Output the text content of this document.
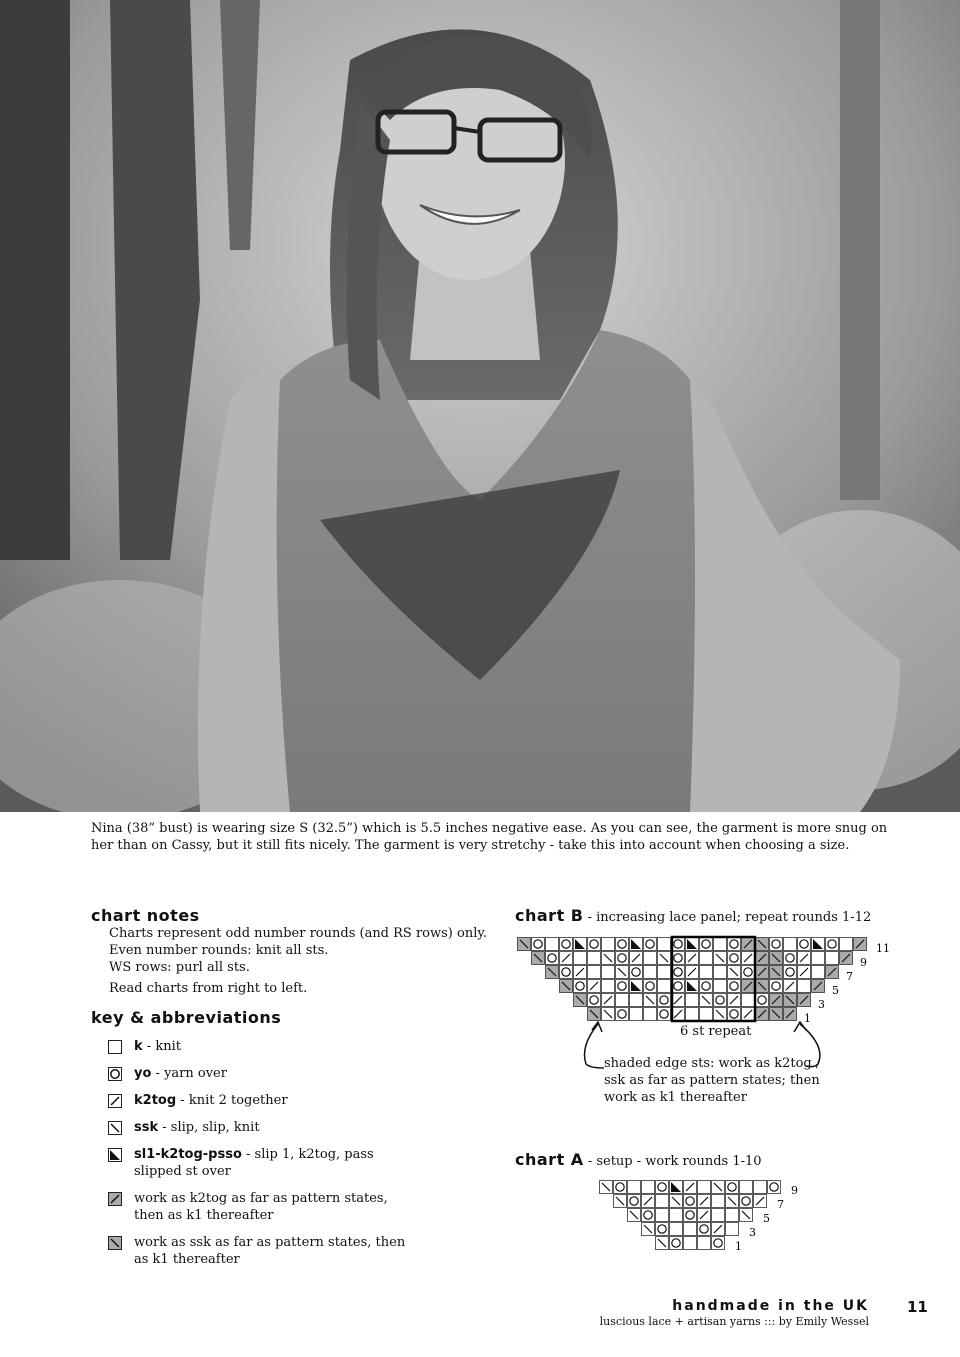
Nina (38” bust) is wearing size S (32.5”) which is 5.5 inches negative ease. As you can see, the garment is more snug on her than on Cassy, but it still fits nicely. The garment is very stretchy - take this into account when choosing a size.
chart notes
Charts represent odd number rounds (and RS rows) only.
Even number rounds: knit all sts.
WS rows: purl all sts.
Read charts from right to left.
key & abbreviations
k - knit
yo - yarn over
k2tog - knit 2 together
ssk - slip, slip, knit
sl1-k2tog-psso - slip 1, k2tog, pass slipped st over
work as k2tog as far as pattern states, then as k1 thereafter
work as ssk as far as pattern states, then as k1 thereafter
chart B - increasing lace panel; repeat rounds 1-12
11
9
7
5
3
1
6 st repeat
shaded edge sts: work as k2tog / ssk as far as pattern states; then work as k1 thereafter
chart A - setup - work rounds 1-10
9
7
5
3
1
handmade in the UK
luscious lace + artisan yarns ::: by Emily Wessel
11
